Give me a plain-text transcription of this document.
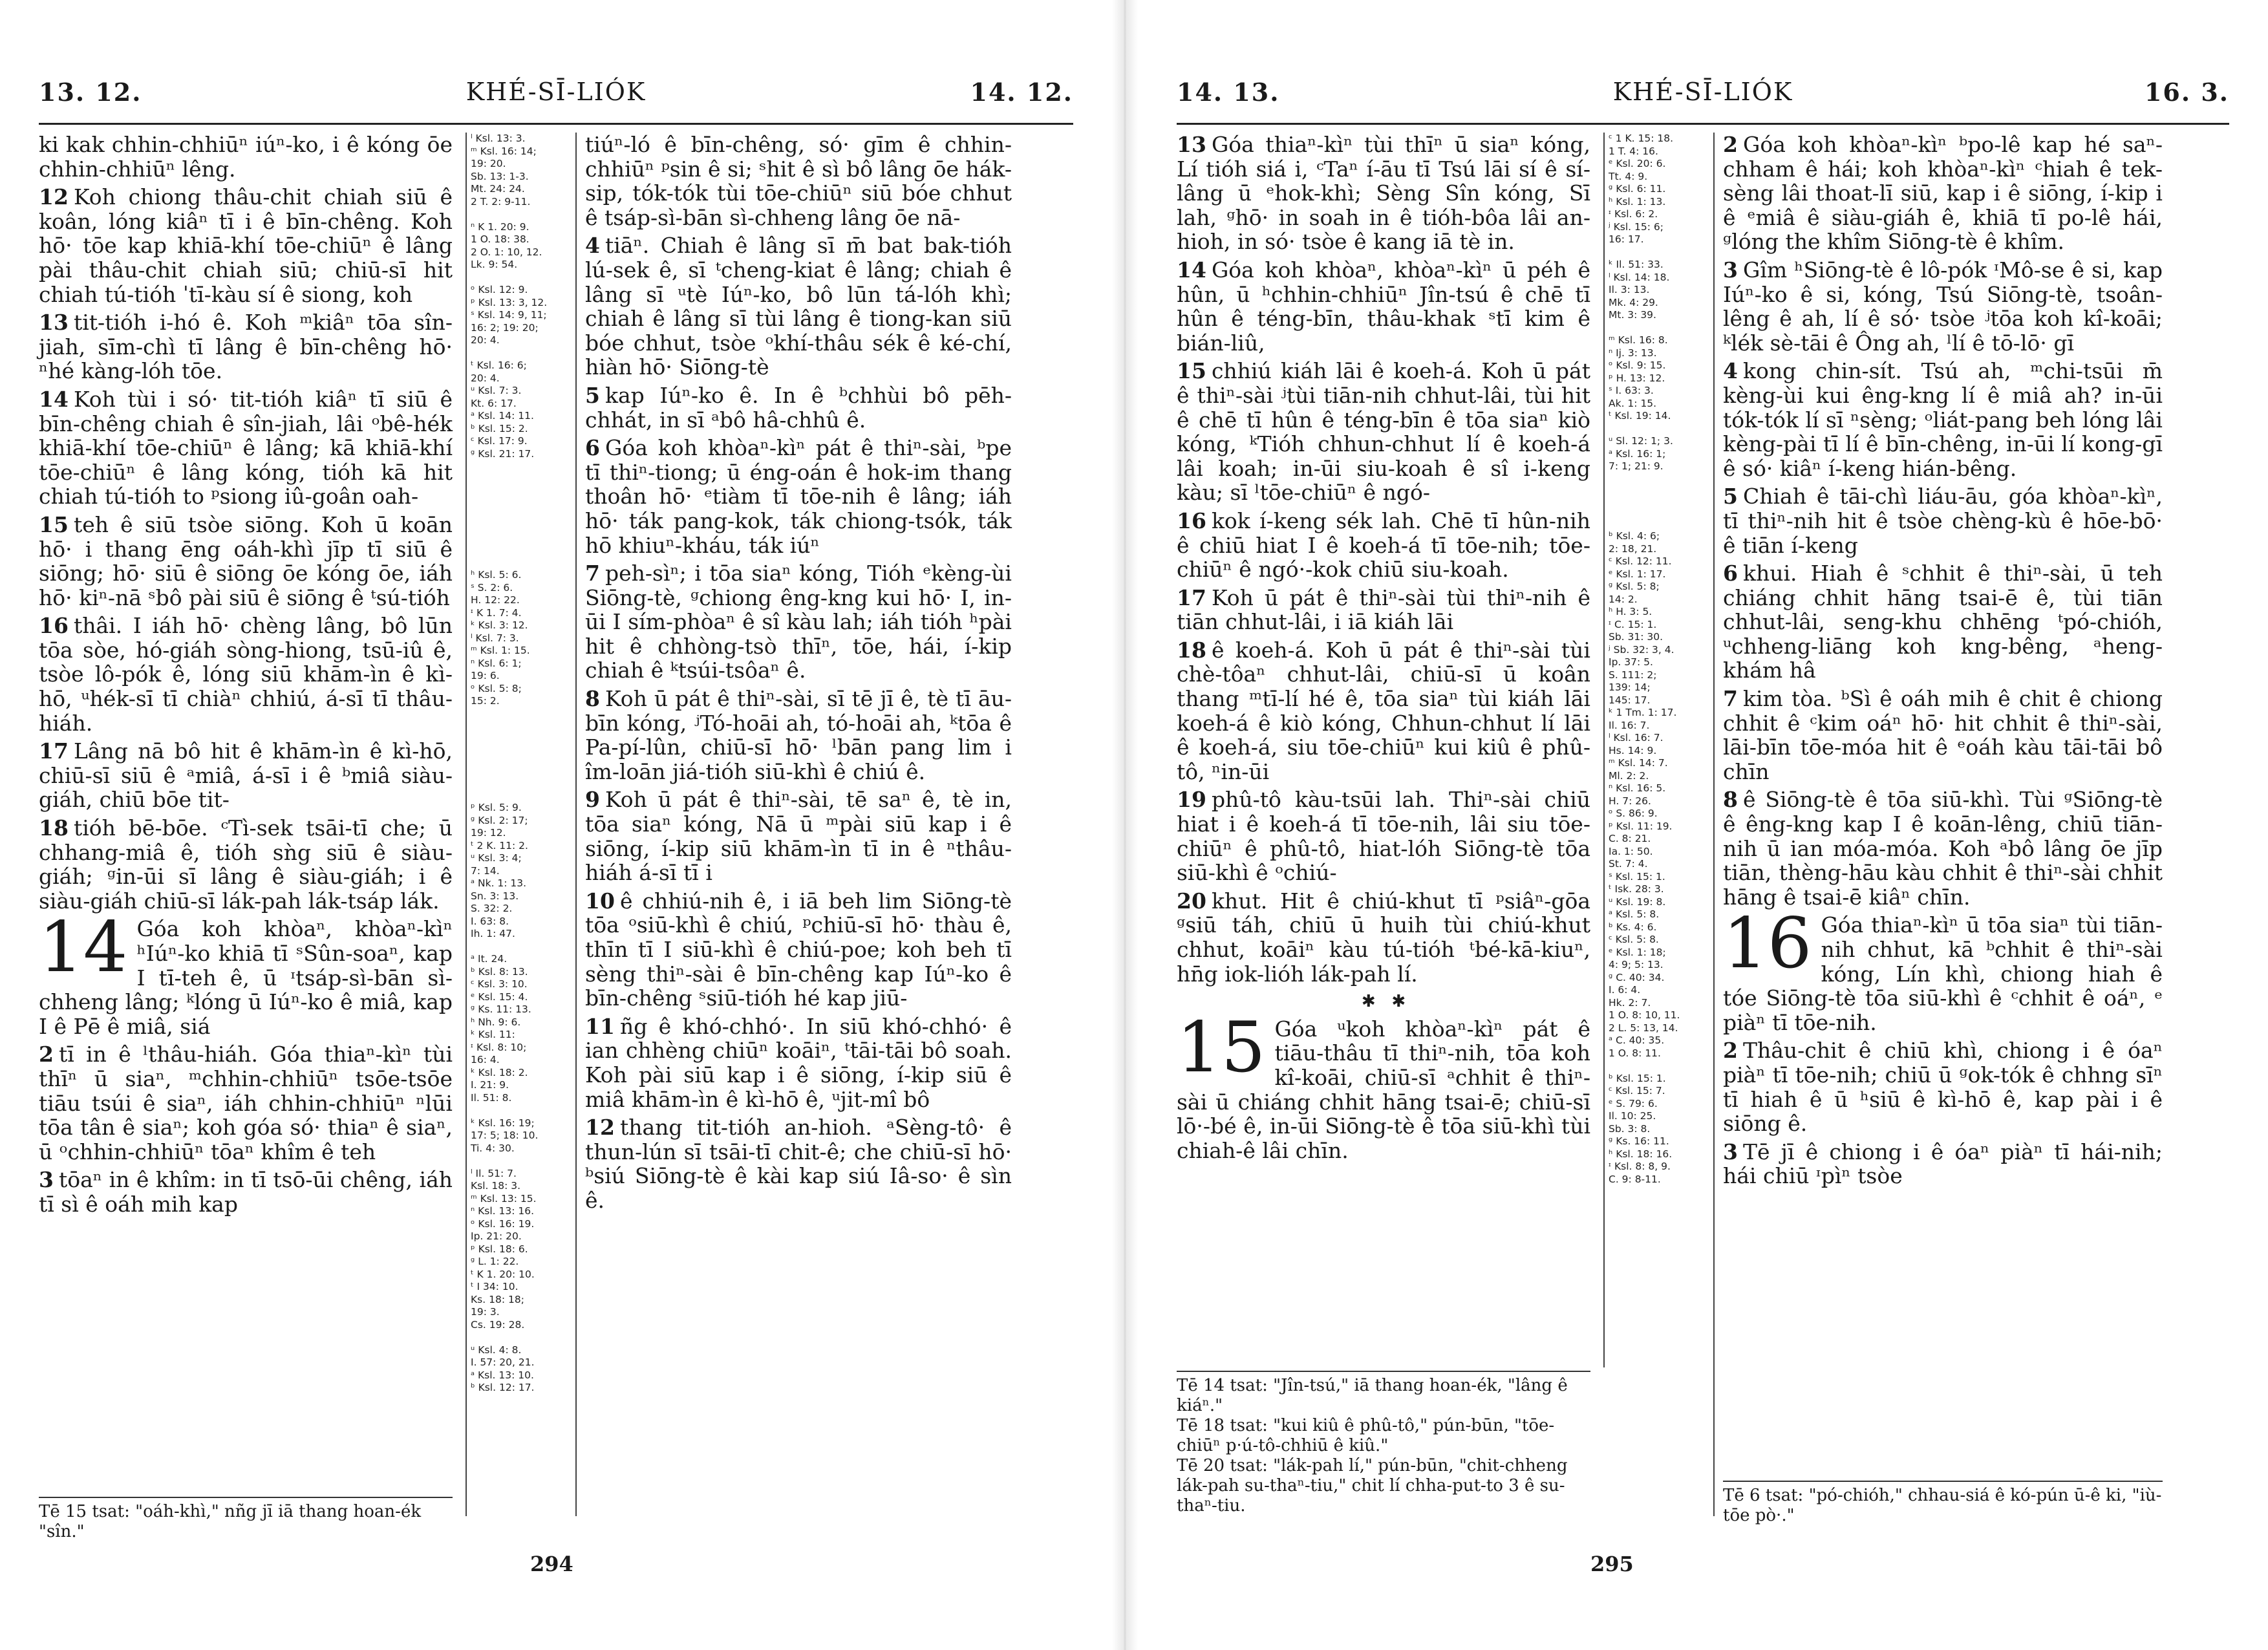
13. 12.	KHÉ-SĪ-LIÓK	14. 12.

ki kak chhin-chhiūⁿ iúⁿ-ko, i ê kóng ōe chhin-chhiūⁿ lêng.

12 Koh chiong thâu-chit chiah siū ê koân, lóng kiâⁿ tī i ê bīn-chêng. Koh hō· tōe kap khiā-khí tōe-chiūⁿ ê lâng pài thâu-chit chiah siū; chiū-sī hit chiah tú-tióh ˈtī-kàu sí ê siong, koh

13 tit-tióh i-hó ê. Koh ᵐkiâⁿ tōa sîn-jiah, sīm-chì tī lâng ê bīn-chêng hō· ⁿhé kàng-lóh tōe.

14 Koh tùi i só· tit-tióh kiâⁿ tī siū ê bīn-chêng chiah ê sîn-jiah, lâi ᵒbê-hék khiā-khí tōe-chiūⁿ ê lâng; kā khiā-khí tōe-chiūⁿ ê lâng kóng, tióh kā hit chiah tú-tióh to ᵖsiong iû-goân oah-

15 teh ê siū tsòe siōng. Koh ū koān hō· i thang ēng oáh-khì jīp tī siū ê siōng; hō· siū ê siōng ōe kóng ōe, iáh hō· kiⁿ-nā ˢbô pài siū ê siōng ê ᵗsú-tióh

16 thâi. I iáh hō· chèng lâng, bô lūn tōa sòe, hó-giáh sòng-hiong, tsū-iû ê, tsòe lô-pók ê, lóng siū khām-ìn ê kì-hō, ᵘhék-sī tī chiàⁿ chhiú, á-sī tī thâu-hiáh.

17 Lâng nā bô hit ê khām-ìn ê kì-hō, chiū-sī siū ê ᵃmiâ, á-sī i ê ᵇmiâ siàu-giáh, chiū bōe tit-

18 tióh bē-bōe. ᶜTì-sek tsāi-tī che; ū chhang-miâ ê, tióh sǹg siū ê siàu-giáh; ᵍin-ūi sī lâng ê siàu-giáh; i ê siàu-giáh chiū-sī lák-pah lák-tsáp lák.

14 Góa koh khòaⁿ, khòaⁿ-kìⁿ ʰIúⁿ-ko khiā tī ˢSûn-soaⁿ, kap I tī-teh ê, ū ᶦtsáp-sì-bān sì-chheng lâng; ᵏlóng ū Iúⁿ-ko ê miâ, kap I ê Pē ê miâ, siá

2 tī in ê ˡthâu-hiáh. Góa thiaⁿ-kìⁿ tùi thīⁿ ū siaⁿ, ᵐchhin-chhiūⁿ tsōe-tsōe tiāu tsúi ê siaⁿ, iáh chhin-chhiūⁿ ⁿlūi tōa tân ê siaⁿ; koh góa só· thiaⁿ ê siaⁿ, ū ᵒchhin-chhiūⁿ tōaⁿ khîm ê teh

3 tōaⁿ in ê khîm: in tī tsō-ūi chêng, iáh tī sì ê oáh mih kap

ˡ Ksl. 13: 3.
ᵐ Ksl. 16: 14;
19: 20.
Sb. 13: 1-3.
Mt. 24: 24.
2 T. 2: 9-11.

ⁿ K 1. 20: 9.
1 O. 18: 38.
2 O. 1: 10, 12.
Lk. 9: 54.

ᵒ Ksl. 12: 9.
ᵖ Ksl. 13: 3, 12.
ˢ Ksl. 14: 9, 11;
16: 2; 19: 20;
20: 4.

ᵗ Ksl. 16: 6;
20: 4.
ᵘ Ksl. 7: 3.
Kt. 6: 17.
ᵃ Ksl. 14: 11.
ᵇ Ksl. 15: 2.
ᶜ Ksl. 17: 9.
ᵍ Ksl. 21: 17.
ʰ Ksl. 5: 6.
ˢ S. 2: 6.
H. 12: 22.
ᶦ K 1. 7: 4.
ᵏ Ksl. 3: 12.
ˡ Ksl. 7: 3.
ᵐ Ksl. 1: 15.
ⁿ Ksl. 6: 1;
19: 6.
ᵒ Ksl. 5: 8;
15: 2.
ᵖ Ksl. 5: 9.
ᵍ Ksl. 2: 17;
19: 12.
ᵗ 2 K. 11: 2.
ᵘ Ksl. 3: 4;
7: 14.
ᵃ Nk. 1: 13.
Sn. 3: 13.
S. 32: 2.
I. 63: 8.
Ih. 1: 47.

ᵃ It. 24.
ᵇ Ksl. 8: 13.
ᶜ Ksl. 3: 10.
ᵉ Ksl. 15: 4.
ᵍ Ks. 11: 13.
ʰ Nh. 9: 6.
ᵏ Ksl. 11:
ᶦ Ksl. 8: 10;
16: 4.
ᵏ Ksl. 18: 2.
I. 21: 9.
Il. 51: 8.

ᵏ Ksl. 16: 19;
17: 5; 18: 10.
Ti. 4: 30.

ˡ Il. 51: 7.
Ksl. 18: 3.
ᵐ Ksl. 13: 15.
ⁿ Ksl. 13: 16.
ᵒ Ksl. 16: 19.
Ip. 21: 20.
ᵖ Ksl. 18: 6.
ᵍ L. 1: 22.
ᵗ K 1. 20: 10.
ᵗ I 34: 10.
Ks. 18: 18;
19: 3.
Cs. 19: 28.

ᵘ Ksl. 4: 8.
I. 57: 20, 21.
ᵃ Ksl. 13: 10.
ᵇ Ksl. 12: 17.

tiúⁿ-ló ê bīn-chêng, só· gīm ê chhin-chhiūⁿ ᵖsin ê si; ˢhit ê sì bô lâng ōe hák-sip, tók-tók tùi tōe-chiūⁿ siū bóe chhut ê tsáp-sì-bān sì-chheng lâng ōe nā-

4 tiāⁿ. Chiah ê lâng sī m̄ bat bak-tióh lú-sek ê, sī ᵗcheng-kiat ê lâng; chiah ê lâng sī ᵘtè Iúⁿ-ko, bô lūn tá-lóh khì; chiah ê lâng sī tùi lâng ê tiong-kan siū bóe chhut, tsòe ᵒkhí-thâu sék ê ké-chí, hiàn hō· Siōng-tè

5 kap Iúⁿ-ko ê. In ê ᵇchhùi bô pēh-chhát, in sī ᵃbô hâ-chhû ê.

6 Góa koh khòaⁿ-kìⁿ pát ê thiⁿ-sài, ᵇpe tī thiⁿ-tiong; ū éng-oán ê hok-im thang thoân hō· ᵉtiàm tī tōe-nih ê lâng; iáh hō· ták pang-kok, ták chiong-tsók, ták hō khiuⁿ-kháu, ták iúⁿ

7 peh-sìⁿ; i tōa siaⁿ kóng, Tióh ᵉkèng-ùi Siōng-tè, ᵍchiong êng-kng kui hō· I, in-ūi I sím-phòaⁿ ê sî kàu lah; iáh tióh ʰpài hit ê chhòng-tsò thīⁿ, tōe, hái, í-kip chiah ê ᵏtsúi-tsôaⁿ ê.

8 Koh ū pát ê thiⁿ-sài, sī tē jī ê, tè tī āu-bīn kóng, ʲTó-hoāi ah, tó-hoāi ah, ᵏtōa ê Pa-pí-lûn, chiū-sī hō· ˡbān pang lim i îm-loān jiá-tióh siū-khì ê chiú ê.

9 Koh ū pát ê thiⁿ-sài, tē saⁿ ê, tè in, tōa siaⁿ kóng, Nā ū ᵐpài siū kap i ê siōng, í-kip siū khām-ìn tī in ê ⁿthâu-hiáh á-sī tī i

10 ê chhiú-nih ê, i iā beh lim Siōng-tè tōa ᵒsiū-khì ê chiú, ᵖchiū-sī hō· thàu ê, thīn tī I siū-khì ê chiú-poe; koh beh tī sèng thiⁿ-sài ê bīn-chêng kap Iúⁿ-ko ê bīn-chêng ˢsiū-tióh hé kap jiū-

11 ñg ê khó-chhó·. In siū khó-chhó· ê ian chhèng chiūⁿ koāiⁿ, ᵗtāi-tāi bô soah. Koh pài siū kap i ê siōng, í-kip siū ê miâ khām-ìn ê kì-hō ê, ᵘjit-mî bô

12 thang tit-tióh an-hioh. ᵃSèng-tô· ê thun-lún sī tsāi-tī chit-ê; che chiū-sī hō· ᵇsiú Siōng-tè ê kài kap siú Iâ-so· ê sìn ê.

Tē 15 tsat: "oáh-khì," nñg jī iā thang hoan-ék "sîn."
294
14. 13.	KHÉ-SĪ-LIÓK	16. 3.

13 Góa thiaⁿ-kìⁿ tùi thīⁿ ū siaⁿ kóng, Lí tióh siá i, ᶜTaⁿ í-āu tī Tsú lāi sí ê sí-lâng ū ᵉhok-khì; Sèng Sîn kóng, Sī lah, ᵍhō· in soah in ê tióh-bôa lâi an-hioh, in só· tsòe ê kang iā tè in.

14 Góa koh khòaⁿ, khòaⁿ-kìⁿ ū péh ê hûn, ū ʰchhin-chhiūⁿ Jîn-tsú ê chē tī hûn ê téng-bīn, thâu-khak ˢtī kim ê bián-liû,

15 chhiú kiáh lāi ê koeh-á. Koh ū pát ê thiⁿ-sài ʲtùi tiān-nih chhut-lâi, tùi hit ê chē tī hûn ê téng-bīn ê tōa siaⁿ kiò kóng, ᵏTióh chhun-chhut lí ê koeh-á lâi koah; in-ūi siu-koah ê sî i-keng kàu; sī ˡtōe-chiūⁿ ê ngó-

16 kok í-keng sék lah. Chē tī hûn-nih ê chiū hiat I ê koeh-á tī tōe-nih; tōe-chiūⁿ ê ngó·-kok chiū siu-koah.

17 Koh ū pát ê thiⁿ-sài tùi thiⁿ-nih ê tiān chhut-lâi, i iā kiáh lāi

18 ê koeh-á. Koh ū pát ê thiⁿ-sài tùi chè-tôaⁿ chhut-lâi, chiū-sī ū koân thang ᵐtī-lí hé ê, tōa siaⁿ tùi kiáh lāi koeh-á ê kiò kóng, Chhun-chhut lí lāi ê koeh-á, siu tōe-chiūⁿ kui kiû ê phû-tô, ⁿin-ūi

19 phû-tô kàu-tsūi lah. Thiⁿ-sài chiū hiat i ê koeh-á tī tōe-nih, lâi siu tōe-chiūⁿ ê phû-tô, hiat-lóh Siōng-tè tōa siū-khì ê ᵒchiú-

20 khut. Hit ê chiú-khut tī ᵖsiâⁿ-gōa ᵍsiū táh, chiū ū huih tùi chiú-khut chhut, koāiⁿ kàu tú-tióh ᵗbé-kā-kiuⁿ, hn̄g iok-lióh lák-pah lí.

✱   ✱

15 Góa ᵘkoh khòaⁿ-kìⁿ pát ê tiāu-thâu tī thiⁿ-nih, tōa koh kî-koāi, chiū-sī ᵃchhit ê thiⁿ-sài ū chiáng chhit hāng tsai-ē; chiū-sī lō·-bé ê, in-ūi Siōng-tè ê tōa siū-khì tùi chiah-ê lâi chīn.

ᶜ 1 K. 15: 18.
1 T. 4: 16.
ᵉ Ksl. 20: 6.
Tt. 4: 9.
ᵍ Ksl. 6: 11.
ʰ Ksl. 1: 13.
ᶦ Ksl. 6: 2.
ʲ Ksl. 15: 6;
16: 17.

ᵏ Il. 51: 33.
ˡ Ksl. 14: 18.
Il. 3: 13.
Mk. 4: 29.
Mt. 3: 39.

ᵐ Ksl. 16: 8.
ⁿ Ij. 3: 13.
ᵒ Ksl. 9: 15.
ᵖ H. 13: 12.
ˢ I. 63: 3.
Ak. 1: 15.
ᵗ Ksl. 19: 14.

ᵘ Sl. 12: 1; 3.
ᵃ Ksl. 16: 1;
7: 1; 21: 9.
ᵇ Ksl. 4: 6;
2: 18, 21.
ᶜ Ksl. 12: 11.
ᵉ Ksl. 1: 17.
ᵍ Ksl. 5: 8;
14: 2.
ʰ H. 3: 5.
ᶦ C. 15: 1.
Sb. 31: 30.
ʲ Sb. 32: 3, 4.
Ip. 37: 5.
S. 111: 2;
139: 14;
145: 17.
ᵏ 1 Tm. 1: 17.
Il. 16: 7.
ˡ Ksl. 16: 7.
Hs. 14: 9.
ᵐ Ksl. 14: 7.
Ml. 2: 2.
ⁿ Ksl. 16: 5.
H. 7: 26.
ᵒ S. 86: 9.
ᵖ Ksl. 11: 19.
C. 8: 21.
Ia. 1: 50.
St. 7: 4.
ˢ Ksl. 15: 1.
ᵗ Isk. 28: 3.
ᵘ Ksl. 19: 8.
ᵃ Ksl. 5: 8.
ᵇ Ks. 4: 6.
ᶜ Ksl. 5: 8.
ᵉ Ksl. 1: 18;
4: 9; 5: 13.
ᵍ C. 40: 34.
I. 6: 4.
Hk. 2: 7.
1 O. 8: 10, 11.
2 L. 5: 13, 14.
ᵃ C. 40: 35.
1 O. 8: 11.

ᵇ Ksl. 15: 1.
ᶜ Ksl. 15: 7.
ᵉ S. 79: 6.
Il. 10: 25.
Sb. 3: 8.
ᵍ Ks. 16: 11.
ʰ Ksl. 18: 16.
ᶦ Ksl. 8: 8, 9.
C. 9: 8-11.

2 Góa koh khòaⁿ-kìⁿ ᵇpo-lê kap hé saⁿ-chham ê hái; koh khòaⁿ-kìⁿ ᶜhiah ê tek-sèng lâi thoat-lī siū, kap i ê siōng, í-kip i ê ᵉmiâ ê siàu-giáh ê, khiā tī po-lê hái, ᵍlóng the khîm Siōng-tè ê khîm.

3 Gîm ʰSiōng-tè ê lô-pók ᶦMô-se ê si, kap Iúⁿ-ko ê si, kóng, Tsú Siōng-tè, tsoân-lêng ê ah, lí ê só· tsòe ʲtōa koh kî-koāi; ᵏlék sè-tāi ê Ông ah, ˡlí ê tō-lō· gī

4 kong chin-sít. Tsú ah, ᵐchi-tsūi m̄ kèng-ùi kui êng-kng lí ê miâ ah? in-ūi tók-tók lí sī ⁿsèng; ᵒliát-pang beh lóng lâi kèng-pài tī lí ê bīn-chêng, in-ūi lí kong-gī ê só· kiâⁿ í-keng hián-bêng.

5 Chiah ê tāi-chì liáu-āu, góa khòaⁿ-kìⁿ, tī thiⁿ-nih hit ê tsòe chèng-kù ê hōe-bō· ê tiān í-keng

6 khui. Hiah ê ˢchhit ê thiⁿ-sài, ū teh chiáng chhit hāng tsai-ē ê, tùi tiān chhut-lâi, seng-khu chhēng ᵗpó-chióh, ᵘchheng-liāng koh kng-bêng, ᵃheng-khám hâ

7 kim tòa. ᵇSì ê oáh mih ê chit ê chiong chhit ê ᶜkim oáⁿ hō· hit chhit ê thiⁿ-sài, lāi-bīn tōe-móa hit ê ᵉoáh kàu tāi-tāi bô chīn

8 ê Siōng-tè ê tōa siū-khì. Tùi ᵍSiōng-tè ê êng-kng kap I ê koān-lêng, chiū tiān-nih ū ian móa-móa. Koh ᵃbô lâng ōe jīp tiān, thèng-hāu kàu chhit ê thiⁿ-sài chhit hāng ê tsai-ē kiâⁿ chīn.

16 Góa thiaⁿ-kìⁿ ū tōa siaⁿ tùi tiān-nih chhut, kā ᵇchhit ê thiⁿ-sài kóng, Lín khì, chiong hiah ê tóe Siōng-tè tōa siū-khì ê ᶜchhit ê oáⁿ, ᵉ piàⁿ tī tōe-nih.

2 Thâu-chit ê chiū khì, chiong i ê óaⁿ piàⁿ tī tōe-nih; chiū ū ᵍok-tók ê chhng sīⁿ tī hiah ê ū ʰsiū ê kì-hō ê, kap pài i ê siōng ê.

3 Tē jī ê chiong i ê óaⁿ piàⁿ tī hái-nih; hái chiū ᶦpìⁿ tsòe

Tē 14 tsat: "Jîn-tsú," iā thang hoan-ék, "lâng ê kiáⁿ."
Tē 18 tsat: "kui kiû ê phû-tô," pún-būn, "tōe-chiūⁿ p·ú-tô-chhiū ê kiû."
Tē 20 tsat: "lák-pah lí," pún-būn, "chit-chheng lák-pah su-thaⁿ-tiu," chit lí chha-put-to 3 ê su-thaⁿ-tiu.
Tē 6 tsat: "pó-chióh," chhau-siá ê kó-pún ū-ê ki, "iù-tōe pò·."
295
